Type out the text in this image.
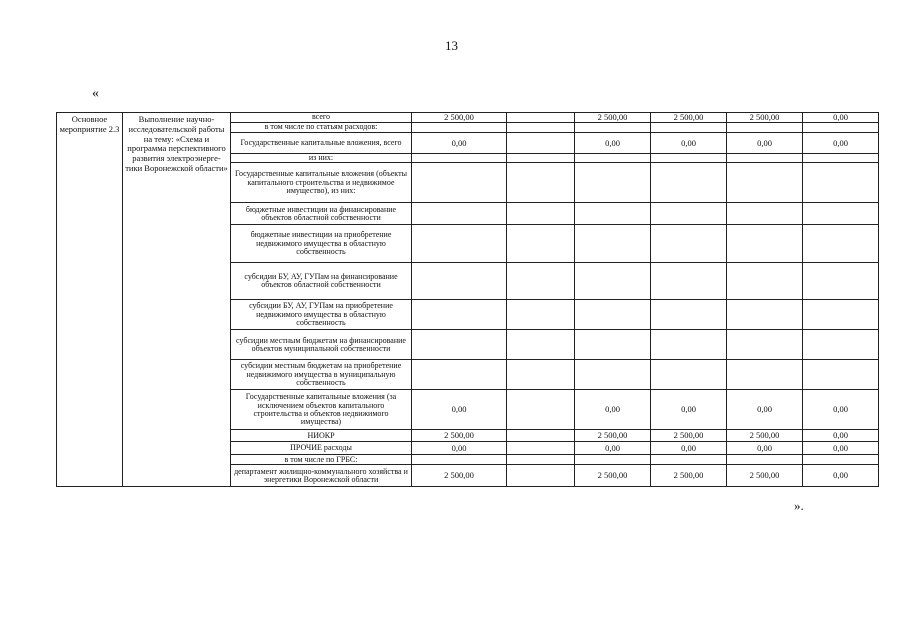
13
«
Основное мероприятие 2.3	Выполнение научно-исследовательской работы на тему: «Схема и программа перспективного развития электроэнерге-тики Воронежской области»	всего	2 500,00		2 500,00	2 500,00	2 500,00	0,00
		в том числе по статьям расходов:						
		Государственные капитальные вложения, всего	0,00		0,00	0,00	0,00	0,00
		из них:						
		Государственные капитальные вложения (объекты капитального строительства и недвижимое имущество), из них:						
		бюджетные инвестиции на финансирование объектов областной собственности						
		бюджетные инвестиции на приобретение недвижимого имущества в областную собственность						
		субсидии БУ, АУ, ГУПам на финансирование объектов областной собственности						
		субсидии БУ, АУ, ГУПам на приобретение недвижимого имущества в областную собственность						
		субсидии местным бюджетам на финансирование объектов муниципальной собственности						
		субсидии местным бюджетам на приобретение недвижимого имущества в муниципальную собственность						
		Государственные капитальные вложения (за исключением объектов капитального строительства и объектов недвижимого имущества)	0,00		0,00	0,00	0,00	0,00
		НИОКР	2 500,00		2 500,00	2 500,00	2 500,00	0,00
		ПРОЧИЕ расходы	0,00		0,00	0,00	0,00	0,00
		в том числе по ГРБС:						
		департамент жилищно-коммунального хозяйства и энергетики Воронежской области	2 500,00		2 500,00	2 500,00	2 500,00	0,00
».
